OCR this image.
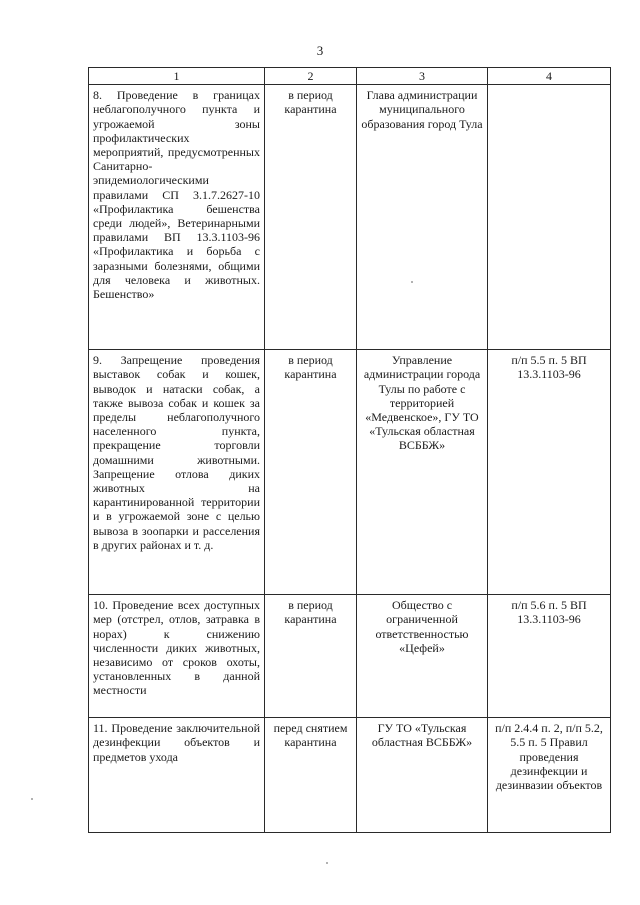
3
1	2	3	4
8. Проведение в границах неблагополучного пункта и угрожаемой зоны профилактических мероприятий, предусмотренных Санитарно-эпидемиологическими правилами СП 3.1.7.2627-10 «Профилактика бешенства среди людей», Ветеринарными правилами ВП 13.3.1103-96 «Профилактика и борьба с заразными болезнями, общими для человека и животных. Бешенство»	в период карантина	Глава администрации муниципального образования город Тула	
9. Запрещение проведения выставок собак и кошек, выводок и натаски собак, а также вывоза собак и кошек за пределы неблагополучного населенного пункта, прекращение торговли домашними животными. Запрещение отлова диких животных на карантинированной территории и в угрожаемой зоне с целью вывоза в зоопарки и расселения в других районах и т. д.	в период карантина	Управление администрации города Тулы по работе с территорией «Медвенское», ГУ ТО «Тульская областная ВСББЖ»	п/п 5.5 п. 5 ВП 13.3.1103-96
10. Проведение всех доступных мер (отстрел, отлов, затравка в норах) к снижению численности диких животных, независимо от сроков охоты, установленных в данной местности	в период карантина	Общество с ограниченной ответственностью «Цефей»	п/п 5.6 п. 5 ВП 13.3.1103-96
11. Проведение заключительной дезинфекции объектов и предметов ухода	перед снятием карантина	ГУ ТО «Тульская областная ВСББЖ»	п/п 2.4.4 п. 2, п/п 5.2, 5.5 п. 5 Правил проведения дезинфекции и дезинвазии объектов
